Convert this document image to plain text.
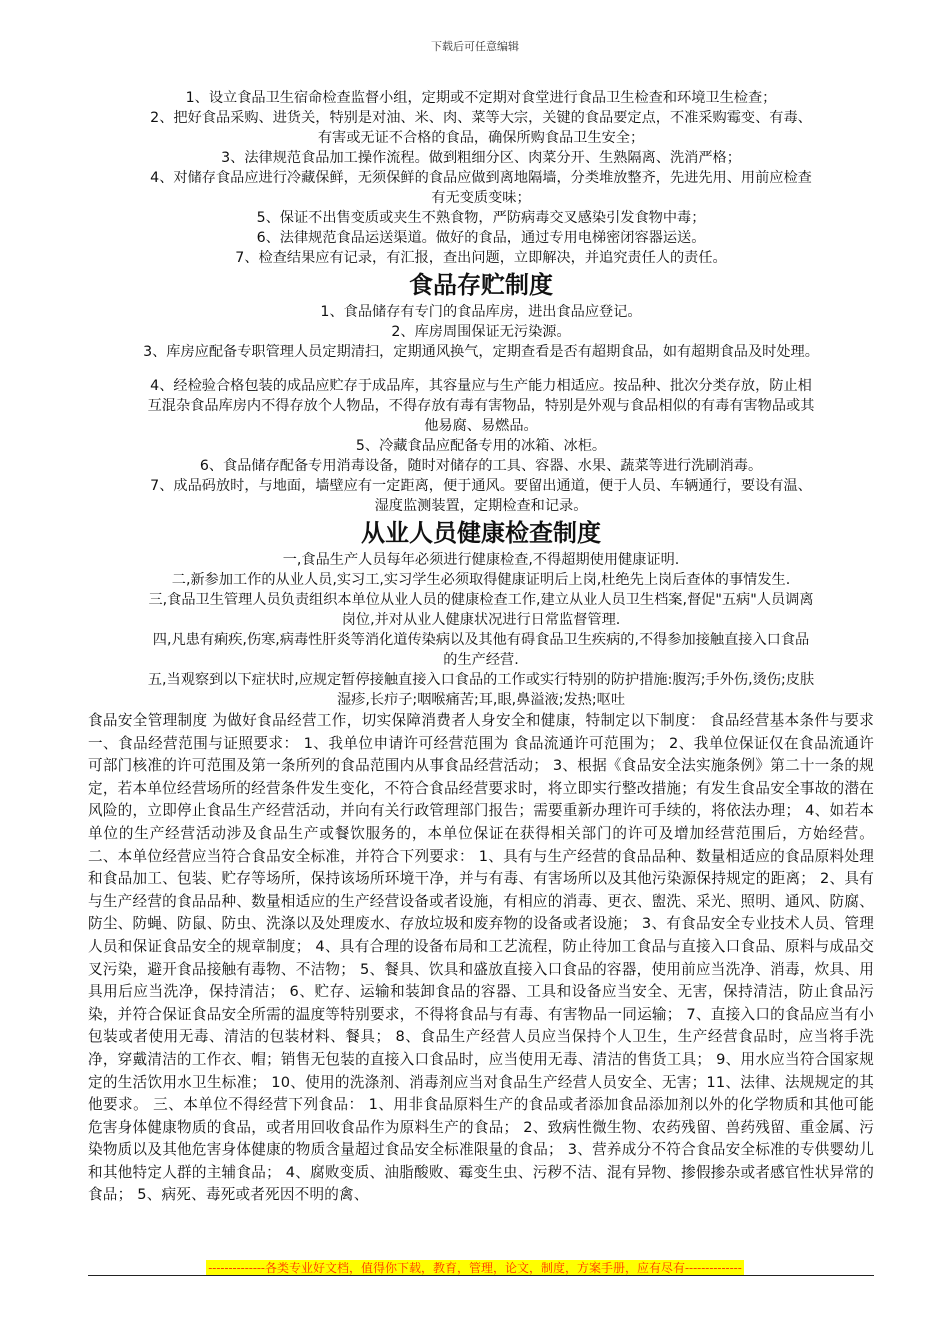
下载后可任意编辑

1、设立食品卫生宿命检查监督小组，定期或不定期对食堂进行食品卫生检查和环境卫生检查；

2、把好食品采购、进货关，特别是对油、米、肉、菜等大宗，关键的食品要定点，不准采购霉变、有毒、

有害或无证不合格的食品，确保所购食品卫生安全；

3、法律规范食品加工操作流程。做到粗细分区、肉菜分开、生熟隔离、洗消严格；

4、对储存食品应进行冷藏保鲜，无须保鲜的食品应做到离地隔墙，分类堆放整齐，先进先用、用前应检查

有无变质变味；

5、保证不出售变质或夹生不熟食物，严防病毒交叉感染引发食物中毒；

6、法律规范食品运送渠道。做好的食品，通过专用电梯密闭容器运送。

7、检查结果应有记录，有汇报，查出问题，立即解决，并追究责任人的责任。

食品存贮制度

1、食品储存有专门的食品库房，进出食品应登记。

2、库房周围保证无污染源。

3、库房应配备专职管理人员定期清扫，定期通风换气，定期查看是否有超期食品，如有超期食品及时处理。

4、经检验合格包装的成品应贮存于成品库，其容量应与生产能力相适应。按品种、批次分类存放，防止相

互混杂食品库房内不得存放个人物品，不得存放有毒有害物品，特别是外观与食品相似的有毒有害物品或其

他易腐、易燃品。

5、冷藏食品应配备专用的冰箱、冰柜。

6、食品储存配备专用消毒设备，随时对储存的工具、容器、水果、蔬菜等进行洗刷消毒。

7、成品码放时，与地面，墙壁应有一定距离，便于通风。要留出通道，便于人员、车辆通行，要设有温、

湿度监测装置，定期检查和记录。

从业人员健康检查制度

一,食品生产人员每年必须进行健康检查,不得超期使用健康证明.

二,新参加工作的从业人员,实习工,实习学生必须取得健康证明后上岗,杜绝先上岗后查体的事情发生.

三,食品卫生管理人员负责组织本单位从业人员的健康检查工作,建立从业人员卫生档案,督促"五病"人员调离

岗位,并对从业人健康状况进行日常监督管理.

四,凡患有痢疾,伤寒,病毒性肝炎等消化道传染病以及其他有碍食品卫生疾病的,不得参加接触直接入口食品

的生产经营.

五,当观察到以下症状时,应规定暂停接触直接入口食品的工作或实行特别的防护措施:腹泻;手外伤,烫伤;皮肤

湿疹,长疖子;咽喉痛苦;耳,眼,鼻溢液;发热;呕吐

食品安全管理制度 为做好食品经营工作，切实保障消费者人身安全和健康，特制定以下制度： 食品经营基本条件与要求 一、食品经营范围与证照要求： 1、我单位申请许可经营范围为 食品流通许可范围为； 2、我单位保证仅在食品流通许可部门核准的许可范围及第一条所列的食品范围内从事食品经营活动； 3、根据《食品安全法实施条例》第二十一条的规定，若本单位经营场所的经营条件发生变化，不符合食品经营要求时，将立即实行整改措施；有发生食品安全事故的潜在风险的，立即停止食品生产经营活动，并向有关行政管理部门报告；需要重新办理许可手续的，将依法办理； 4、如若本单位的生产经营活动涉及食品生产或餐饮服务的，本单位保证在获得相关部门的许可及增加经营范围后，方始经营。 二、本单位经营应当符合食品安全标准，并符合下列要求： 1、具有与生产经营的食品品种、数量相适应的食品原料处理和食品加工、包装、贮存等场所，保持该场所环境干净，并与有毒、有害场所以及其他污染源保持规定的距离； 2、具有与生产经营的食品品种、数量相适应的生产经营设备或者设施，有相应的消毒、更衣、盥洗、采光、照明、通风、防腐、防尘、防蝇、防鼠、防虫、洗涤以及处理废水、存放垃圾和废弃物的设备或者设施； 3、有食品安全专业技术人员、管理人员和保证食品安全的规章制度； 4、具有合理的设备布局和工艺流程，防止待加工食品与直接入口食品、原料与成品交叉污染，避开食品接触有毒物、不洁物； 5、餐具、饮具和盛放直接入口食品的容器，使用前应当洗净、消毒，炊具、用具用后应当洗净，保持清洁； 6、贮存、运输和装卸食品的容器、工具和设备应当安全、无害，保持清洁，防止食品污染，并符合保证食品安全所需的温度等特别要求，不得将食品与有毒、有害物品一同运输； 7、直接入口的食品应当有小包装或者使用无毒、清洁的包装材料、餐具； 8、食品生产经营人员应当保持个人卫生，生产经营食品时，应当将手洗净，穿戴清洁的工作衣、帽；销售无包装的直接入口食品时，应当使用无毒、清洁的售货工具； 9、用水应当符合国家规定的生活饮用水卫生标准； 10、使用的洗涤剂、消毒剂应当对食品生产经营人员安全、无害；11、法律、法规规定的其他要求。 三、本单位不得经营下列食品： 1、用非食品原料生产的食品或者添加食品添加剂以外的化学物质和其他可能危害身体健康物质的食品，或者用回收食品作为原料生产的食品； 2、致病性微生物、农药残留、兽药残留、重金属、污染物质以及其他危害身体健康的物质含量超过食品安全标准限量的食品； 3、营养成分不符合食品安全标准的专供婴幼儿和其他特定人群的主辅食品； 4、腐败变质、油脂酸败、霉变生虫、污秽不洁、混有异物、掺假掺杂或者感官性状异常的食品； 5、病死、毒死或者死因不明的禽、

--------------各类专业好文档，值得你下载，教育，管理，论文，制度，方案手册，应有尽有--------------
